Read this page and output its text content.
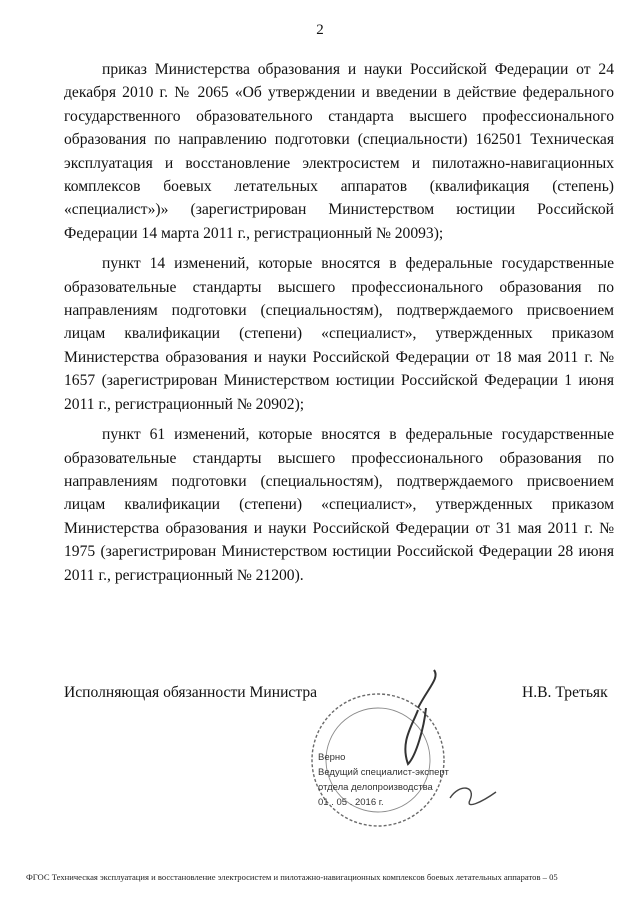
2

приказ Министерства образования и науки Российской Федерации от 24 декабря 2010 г. № 2065 «Об утверждении и введении в действие федерального государственного образовательного стандарта высшего профессионального образования по направлению подготовки (специальности) 162501 Техническая эксплуатация и восстановление электросистем и пилотажно-навигационных комплексов боевых летательных аппаратов (квалификация (степень) «специалист»)» (зарегистрирован Министерством юстиции Российской Федерации 14 марта 2011 г., регистрационный № 20093);

пункт 14 изменений, которые вносятся в федеральные государственные образовательные стандарты высшего профессионального образования по направлениям подготовки (специальностям), подтверждаемого присвоением лицам квалификации (степени) «специалист», утвержденных приказом Министерства образования и науки Российской Федерации от 18 мая 2011 г. № 1657 (зарегистрирован Министерством юстиции Российской Федерации 1 июня 2011 г., регистрационный № 20902);

пункт 61 изменений, которые вносятся в федеральные государственные образовательные стандарты высшего профессионального образования по направлениям подготовки (специальностям), подтверждаемого присвоением лицам квалификации (степени) «специалист», утвержденных приказом Министерства образования и науки Российской Федерации от 31 мая 2011 г. № 1975 (зарегистрирован Министерством юстиции Российской Федерации 28 июня 2011 г., регистрационный № 21200).

Исполняющая обязанности Министра	Н.В. Третьяк
Верно
Ведущий специалист-эксперт
отдела делопроизводства
01 . 05 . 2016 г.
ФГОС Техническая эксплуатация и восстановление электросистем и пилотажно-навигационных комплексов боевых летательных аппаратов – 05
